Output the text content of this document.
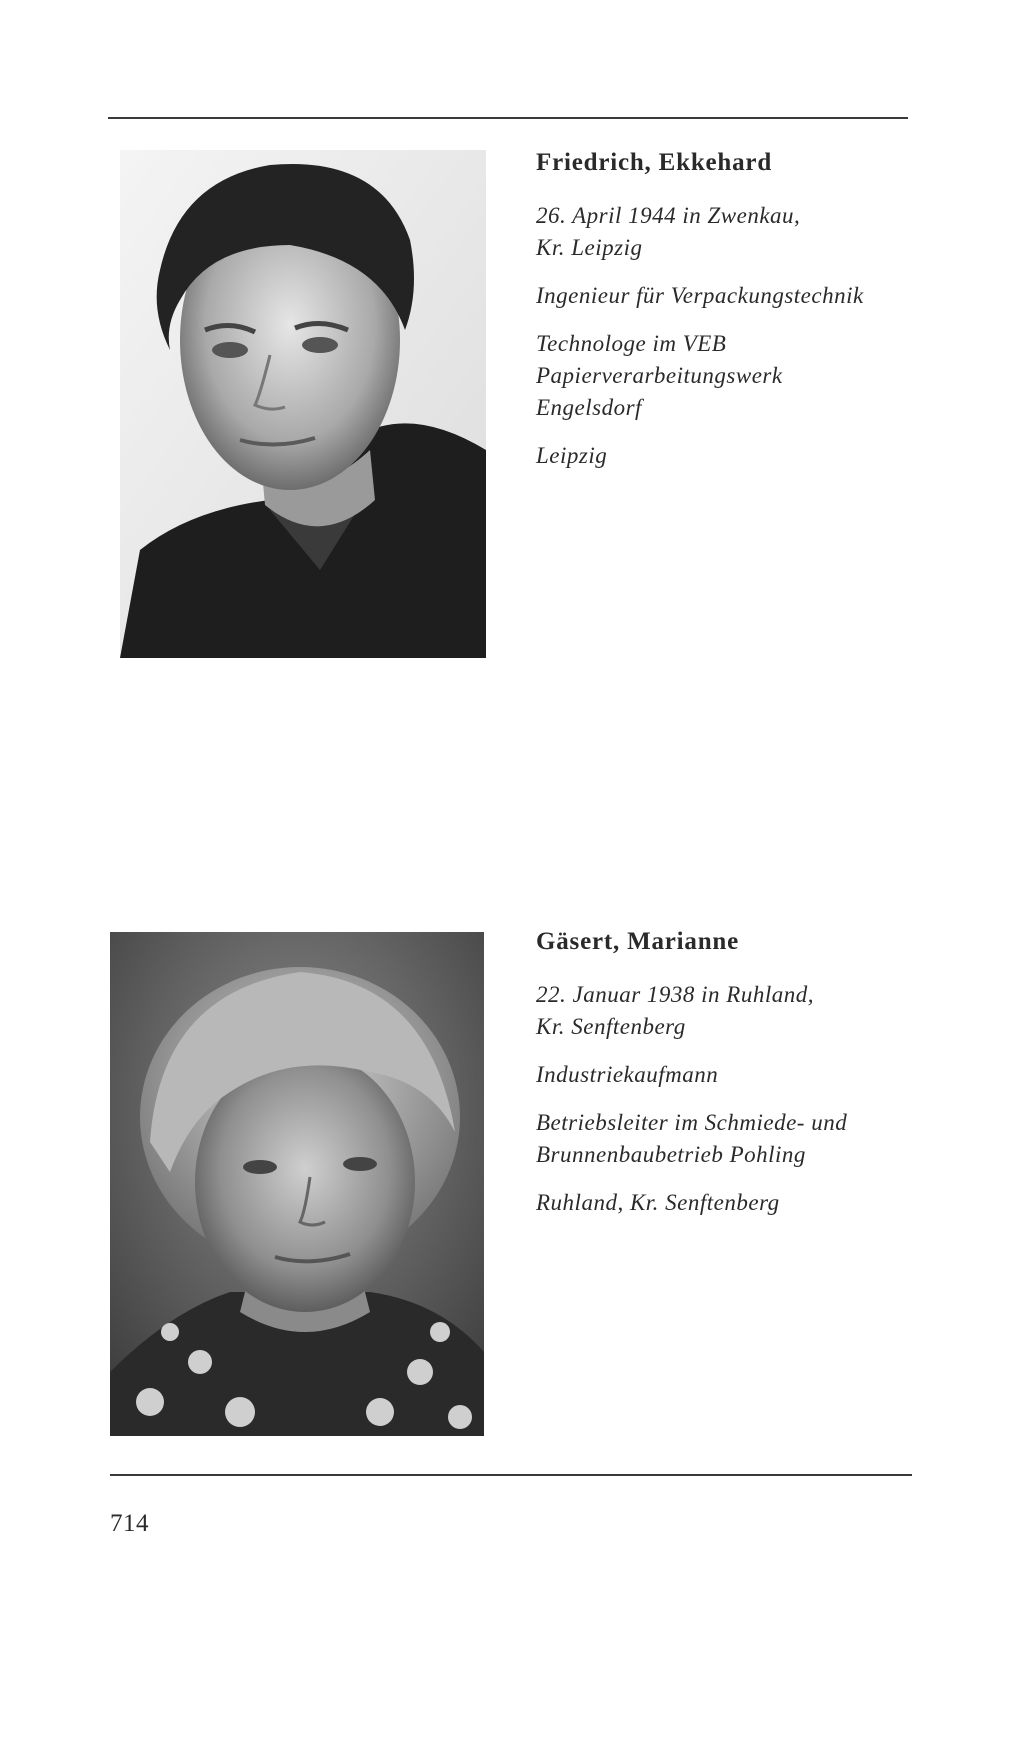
Friedrich, Ekkehard
26. April 1944 in Zwenkau,
Kr. Leipzig
Ingenieur für Verpackungstechnik
Technologe im VEB
Papierverarbeitungswerk
Engelsdorf
Leipzig
Gäsert, Marianne
22. Januar 1938 in Ruhland,
Kr. Senftenberg
Industriekaufmann
Betriebsleiter im Schmiede- und
Brunnenbaubetrieb Pohling
Ruhland, Kr. Senftenberg
714
